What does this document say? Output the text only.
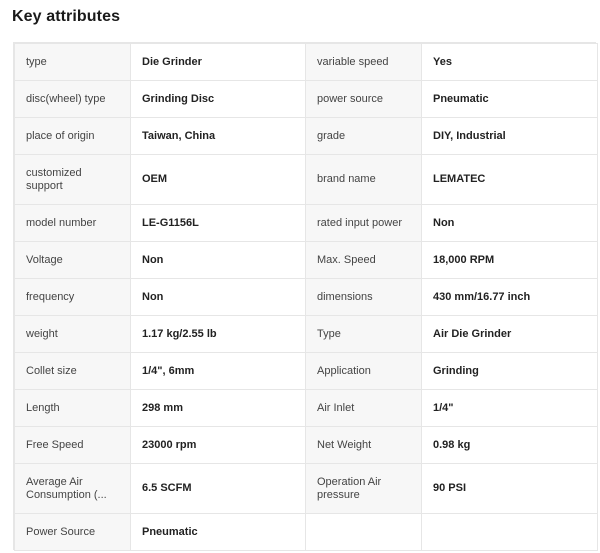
Key attributes
type	Die Grinder	variable speed	Yes
disc(wheel) type	Grinding Disc	power source	Pneumatic
place of origin	Taiwan, China	grade	DIY, Industrial
customized support	OEM	brand name	LEMATEC
model number	LE-G1156L	rated input power	Non
Voltage	Non	Max. Speed	18,000 RPM
frequency	Non	dimensions	430 mm/16.77 inch
weight	1.17 kg/2.55 lb	Type	Air Die Grinder
Collet size	1/4", 6mm	Application	Grinding
Length	298 mm	Air Inlet	1/4"
Free Speed	23000 rpm	Net Weight	0.98 kg
Average Air Consumption (...	6.5 SCFM	Operation Air pressure	90 PSI
Power Source	Pneumatic		
